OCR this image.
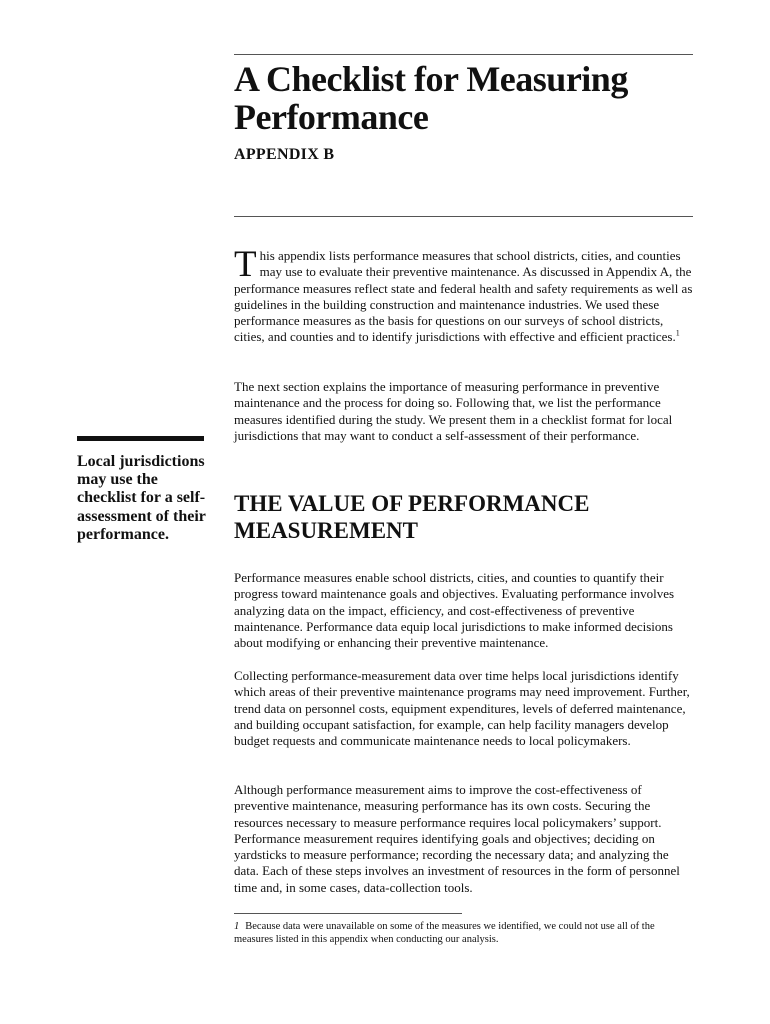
A Checklist for Measuring Performance
APPENDIX B

This appendix lists performance measures that school districts, cities, and counties may use to evaluate their preventive maintenance. As discussed in Appendix A, the performance measures reflect state and federal health and safety requirements as well as guidelines in the building construction and maintenance industries. We used these performance measures as the basis for questions on our surveys of school districts, cities, and counties and to identify jurisdictions with effective and efficient practices.$^1$

The next section explains the importance of measuring performance in preventive maintenance and the process for doing so. Following that, we list the performance measures identified during the study. We present them in a checklist format for local jurisdictions that may want to conduct a self-assessment of their performance.

Local jurisdictions may use the checklist for a self-assessment of their performance.

THE VALUE OF PERFORMANCE MEASUREMENT

Performance measures enable school districts, cities, and counties to quantify their progress toward maintenance goals and objectives. Evaluating performance involves analyzing data on the impact, efficiency, and cost-effectiveness of preventive maintenance. Performance data equip local jurisdictions to make informed decisions about modifying or enhancing their preventive maintenance.

Collecting performance-measurement data over time helps local jurisdictions identify which areas of their preventive maintenance programs may need improvement. Further, trend data on personnel costs, equipment expenditures, levels of deferred maintenance, and building occupant satisfaction, for example, can help facility managers develop budget requests and communicate maintenance needs to local policymakers.

Although performance measurement aims to improve the cost-effectiveness of preventive maintenance, measuring performance has its own costs. Securing the resources necessary to measure performance requires local policymakers’ support. Performance measurement requires identifying goals and objectives; deciding on yardsticks to measure performance; recording the necessary data; and analyzing the data. Each of these steps involves an investment of resources in the form of personnel time and, in some cases, data-collection tools.

1 Because data were unavailable on some of the measures we identified, we could not use all of the measures listed in this appendix when conducting our analysis.
